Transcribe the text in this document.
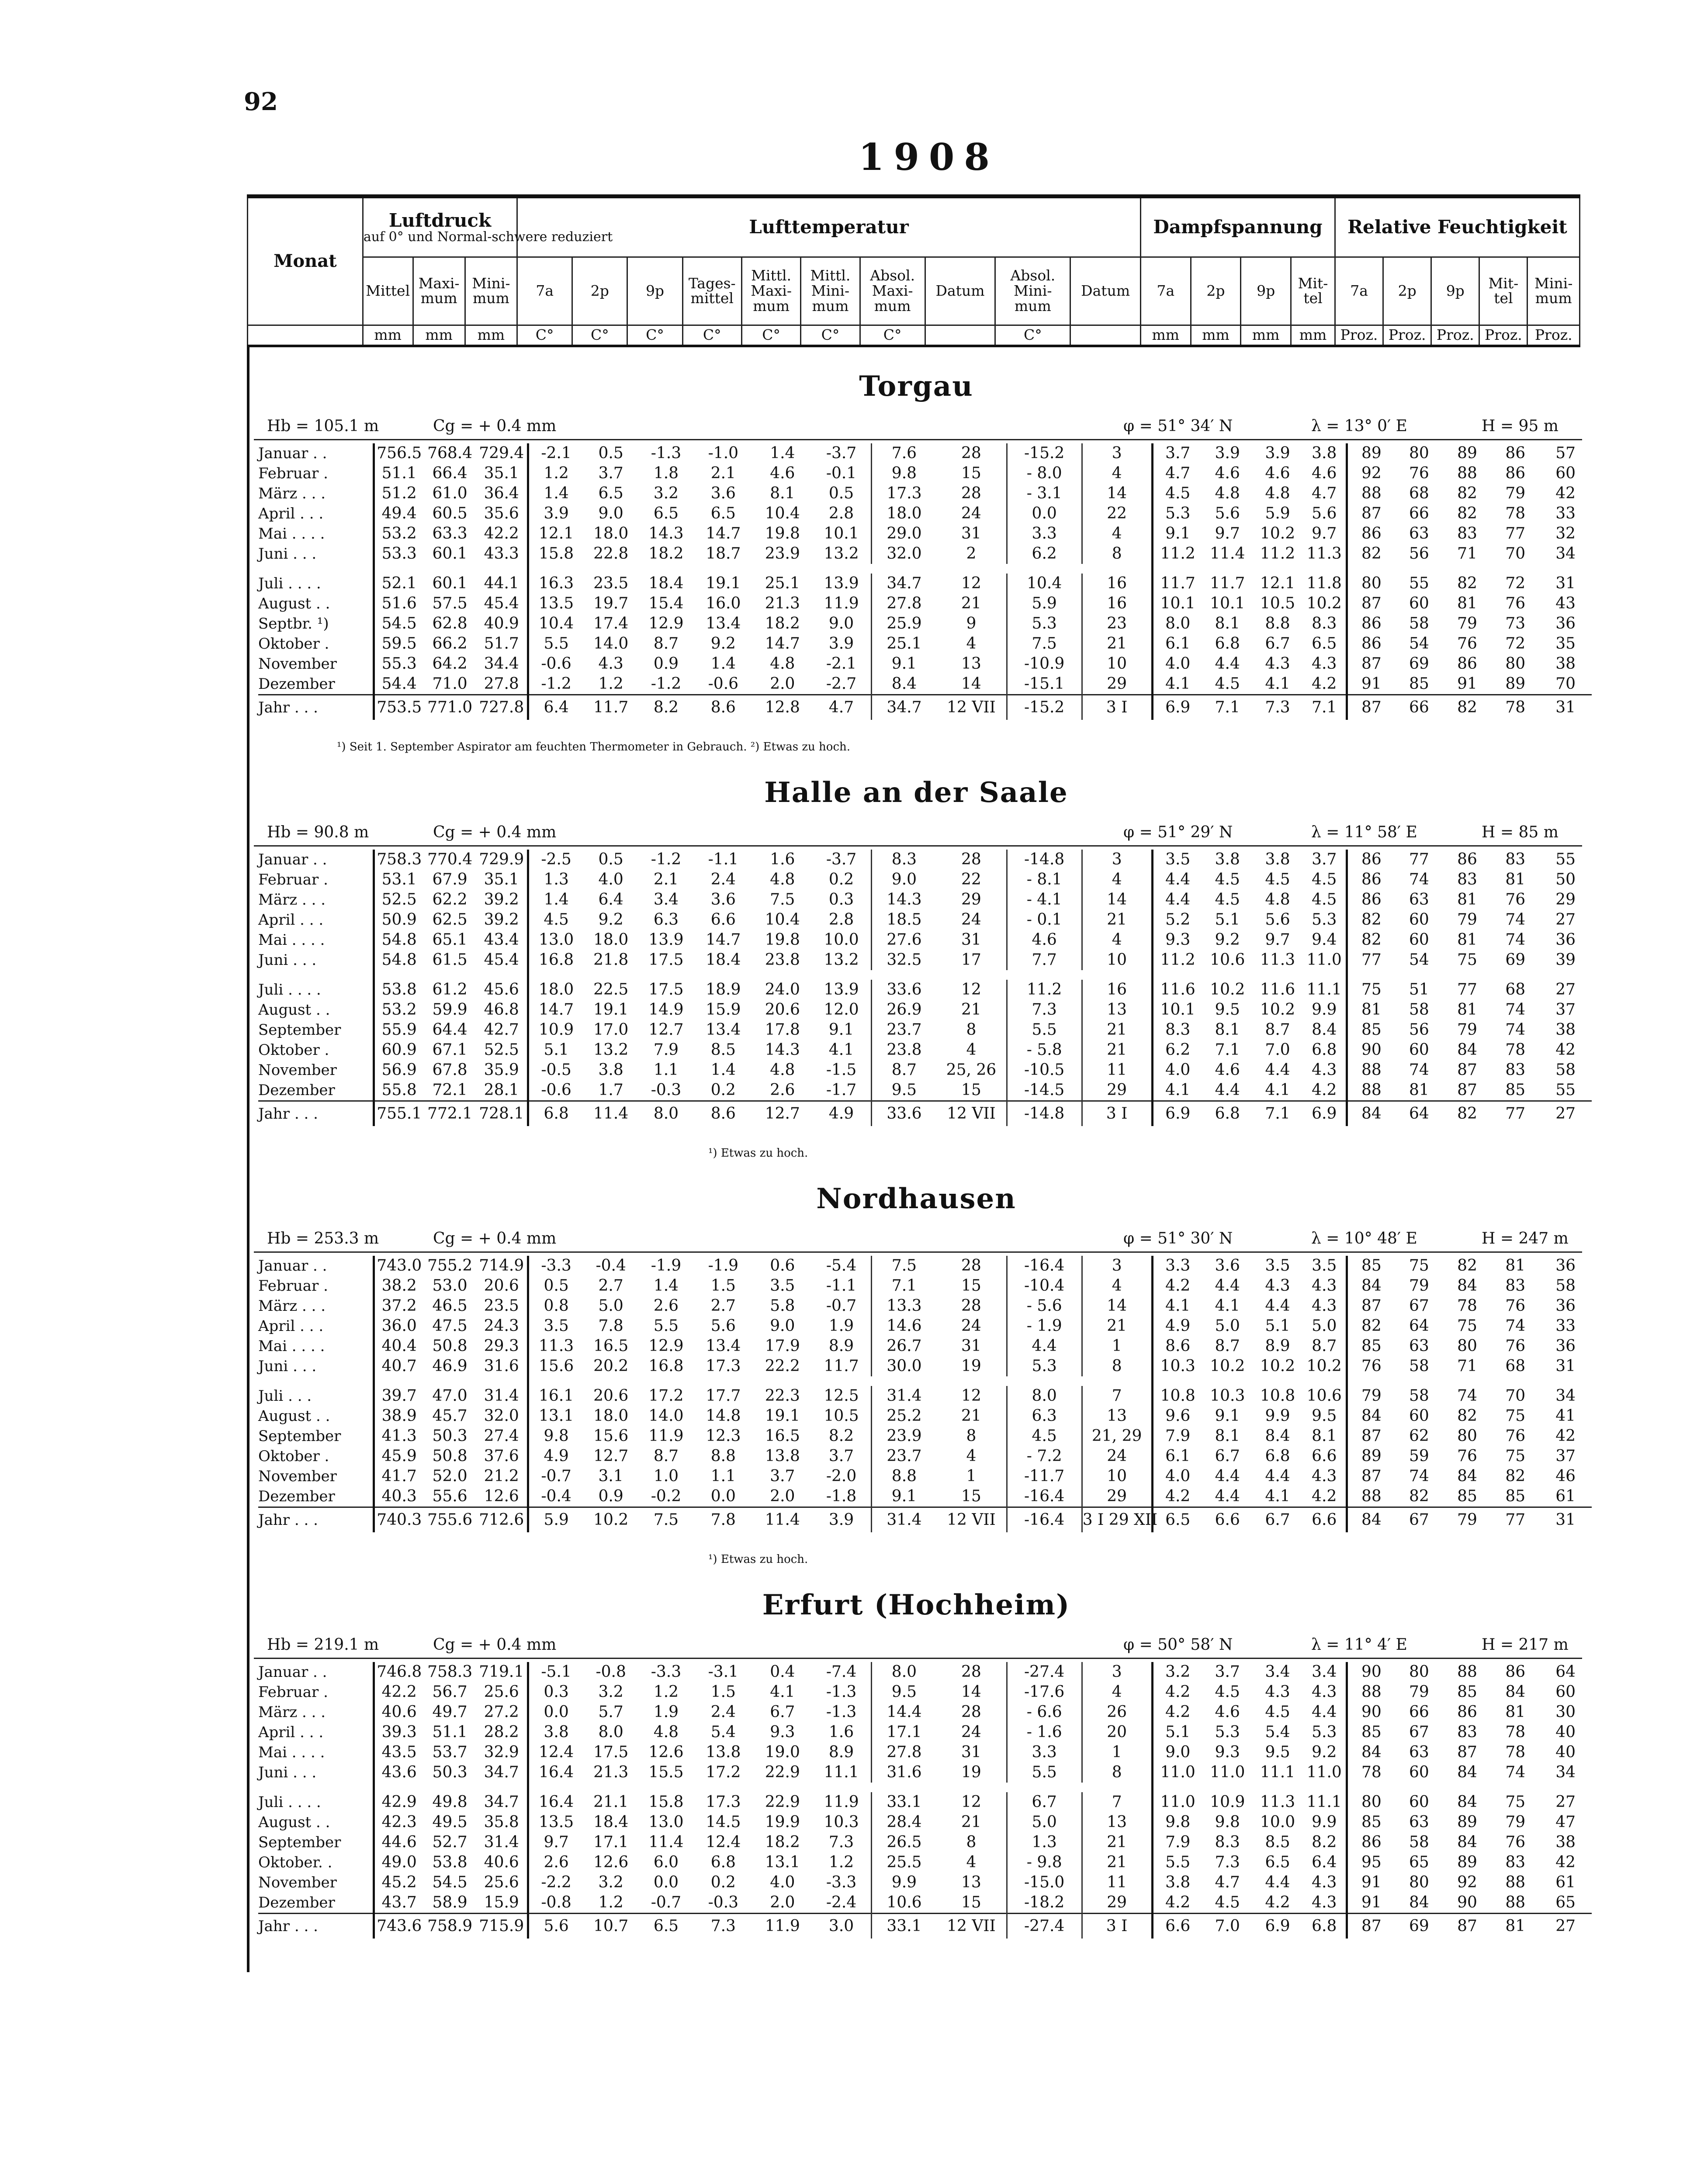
92
1908
Monat	Luftdruck
auf 0° und Normal-schwere reduziert			Lufttemperatur										Dampfspannung				Relative Feuchtigkeit				
	Mittel	Maxi-mum	Mini-mum	7a	2p	9p	Tages-mittel	Mittl. Maxi-mum	Mittl. Mini-mum	Absol. Maxi-mum	Datum	Absol. Mini-mum	Datum	7a	2p	9p	Mit-tel	7a	2p	9p	Mit-tel	Mini-mum
	mm	mm	mm	C°	C°	C°	C°	C°	C°	C°		C°		mm	mm	mm	mm	Proz.	Proz.	Proz.	Proz.	Proz.
Torgau
Hb = 105.1 m	Cg = + 0.4 mm	φ = 51° 34′ N	λ = 13° 0′ E	H = 95 m
Januar . .	756.5	768.4	729.4	-2.1	0.5	-1.3	-1.0	1.4	-3.7	7.6	28	-15.2	3	3.7	3.9	3.9	3.8	89	80	89	86	57
Februar .	51.1	66.4	35.1	1.2	3.7	1.8	2.1	4.6	-0.1	9.8	15	- 8.0	4	4.7	4.6	4.6	4.6	92	76	88	86	60
März . . .	51.2	61.0	36.4	1.4	6.5	3.2	3.6	8.1	0.5	17.3	28	- 3.1	14	4.5	4.8	4.8	4.7	88	68	82	79	42
April . . .	49.4	60.5	35.6	3.9	9.0	6.5	6.5	10.4	2.8	18.0	24	0.0	22	5.3	5.6	5.9	5.6	87	66	82	78	33
Mai . . . .	53.2	63.3	42.2	12.1	18.0	14.3	14.7	19.8	10.1	29.0	31	3.3	4	9.1	9.7	10.2	9.7	86	63	83	77	32
Juni . . .	53.3	60.1	43.3	15.8	22.8	18.2	18.7	23.9	13.2	32.0	2	6.2	8	11.2	11.4	11.2	11.3	82	56	71	70	34

Juli . . . .	52.1	60.1	44.1	16.3	23.5	18.4	19.1	25.1	13.9	34.7	12	10.4	16	11.7	11.7	12.1	11.8	80	55	82	72	31
August . .	51.6	57.5	45.4	13.5	19.7	15.4	16.0	21.3	11.9	27.8	21	5.9	16	10.1	10.1	10.5	10.2	87	60	81	76	43
Septbr. ¹)	54.5	62.8	40.9	10.4	17.4	12.9	13.4	18.2	9.0	25.9	9	5.3	23	8.0	8.1	8.8	8.3	86	58	79	73	36
Oktober .	59.5	66.2	51.7	5.5	14.0	8.7	9.2	14.7	3.9	25.1	4	7.5	21	6.1	6.8	6.7	6.5	86	54	76	72	35
November	55.3	64.2	34.4	-0.6	4.3	0.9	1.4	4.8	-2.1	9.1	13	-10.9	10	4.0	4.4	4.3	4.3	87	69	86	80	38
Dezember	54.4	71.0	27.8	-1.2	1.2	-1.2	-0.6	2.0	-2.7	8.4	14	-15.1	29	4.1	4.5	4.1	4.2	91	85	91	89	70
Jahr . . .	753.5	771.0	727.8	6.4	11.7	8.2	8.6	12.8	4.7	34.7	12 VII	-15.2	3 I	6.9	7.1	7.3	7.1	87	66	82	78	31
¹) Seit 1. September Aspirator am feuchten Thermometer in Gebrauch. ²) Etwas zu hoch.
Halle an der Saale
Hb = 90.8 m	Cg = + 0.4 mm	φ = 51° 29′ N	λ = 11° 58′ E	H = 85 m
Januar . .	758.3	770.4	729.9	-2.5	0.5	-1.2	-1.1	1.6	-3.7	8.3	28	-14.8	3	3.5	3.8	3.8	3.7	86	77	86	83	55
Februar .	53.1	67.9	35.1	1.3	4.0	2.1	2.4	4.8	0.2	9.0	22	- 8.1	4	4.4	4.5	4.5	4.5	86	74	83	81	50
März . . .	52.5	62.2	39.2	1.4	6.4	3.4	3.6	7.5	0.3	14.3	29	- 4.1	14	4.4	4.5	4.8	4.5	86	63	81	76	29
April . . .	50.9	62.5	39.2	4.5	9.2	6.3	6.6	10.4	2.8	18.5	24	- 0.1	21	5.2	5.1	5.6	5.3	82	60	79	74	27
Mai . . . .	54.8	65.1	43.4	13.0	18.0	13.9	14.7	19.8	10.0	27.6	31	4.6	4	9.3	9.2	9.7	9.4	82	60	81	74	36
Juni . . .	54.8	61.5	45.4	16.8	21.8	17.5	18.4	23.8	13.2	32.5	17	7.7	10	11.2	10.6	11.3	11.0	77	54	75	69	39

Juli . . . .	53.8	61.2	45.6	18.0	22.5	17.5	18.9	24.0	13.9	33.6	12	11.2	16	11.6	10.2	11.6	11.1	75	51	77	68	27
August . .	53.2	59.9	46.8	14.7	19.1	14.9	15.9	20.6	12.0	26.9	21	7.3	13	10.1	9.5	10.2	9.9	81	58	81	74	37
September	55.9	64.4	42.7	10.9	17.0	12.7	13.4	17.8	9.1	23.7	8	5.5	21	8.3	8.1	8.7	8.4	85	56	79	74	38
Oktober .	60.9	67.1	52.5	5.1	13.2	7.9	8.5	14.3	4.1	23.8	4	- 5.8	21	6.2	7.1	7.0	6.8	90	60	84	78	42
November	56.9	67.8	35.9	-0.5	3.8	1.1	1.4	4.8	-1.5	8.7	25, 26	-10.5	11	4.0	4.6	4.4	4.3	88	74	87	83	58
Dezember	55.8	72.1	28.1	-0.6	1.7	-0.3	0.2	2.6	-1.7	9.5	15	-14.5	29	4.1	4.4	4.1	4.2	88	81	87	85	55
Jahr . . .	755.1	772.1	728.1	6.8	11.4	8.0	8.6	12.7	4.9	33.6	12 VII	-14.8	3 I	6.9	6.8	7.1	6.9	84	64	82	77	27
¹) Etwas zu hoch.
Nordhausen
Hb = 253.3 m	Cg = + 0.4 mm	φ = 51° 30′ N	λ = 10° 48′ E	H = 247 m
Januar . .	743.0	755.2	714.9	-3.3	-0.4	-1.9	-1.9	0.6	-5.4	7.5	28	-16.4	3	3.3	3.6	3.5	3.5	85	75	82	81	36
Februar .	38.2	53.0	20.6	0.5	2.7	1.4	1.5	3.5	-1.1	7.1	15	-10.4	4	4.2	4.4	4.3	4.3	84	79	84	83	58
März . . .	37.2	46.5	23.5	0.8	5.0	2.6	2.7	5.8	-0.7	13.3	28	- 5.6	14	4.1	4.1	4.4	4.3	87	67	78	76	36
April . . .	36.0	47.5	24.3	3.5	7.8	5.5	5.6	9.0	1.9	14.6	24	- 1.9	21	4.9	5.0	5.1	5.0	82	64	75	74	33
Mai . . . .	40.4	50.8	29.3	11.3	16.5	12.9	13.4	17.9	8.9	26.7	31	4.4	1	8.6	8.7	8.9	8.7	85	63	80	76	36
Juni . . .	40.7	46.9	31.6	15.6	20.2	16.8	17.3	22.2	11.7	30.0	19	5.3	8	10.3	10.2	10.2	10.2	76	58	71	68	31

Juli . . .	39.7	47.0	31.4	16.1	20.6	17.2	17.7	22.3	12.5	31.4	12	8.0	7	10.8	10.3	10.8	10.6	79	58	74	70	34
August . .	38.9	45.7	32.0	13.1	18.0	14.0	14.8	19.1	10.5	25.2	21	6.3	13	9.6	9.1	9.9	9.5	84	60	82	75	41
September	41.3	50.3	27.4	9.8	15.6	11.9	12.3	16.5	8.2	23.9	8	4.5	21, 29	7.9	8.1	8.4	8.1	87	62	80	76	42
Oktober .	45.9	50.8	37.6	4.9	12.7	8.7	8.8	13.8	3.7	23.7	4	- 7.2	24	6.1	6.7	6.8	6.6	89	59	76	75	37
November	41.7	52.0	21.2	-0.7	3.1	1.0	1.1	3.7	-2.0	8.8	1	-11.7	10	4.0	4.4	4.4	4.3	87	74	84	82	46
Dezember	40.3	55.6	12.6	-0.4	0.9	-0.2	0.0	2.0	-1.8	9.1	15	-16.4	29	4.2	4.4	4.1	4.2	88	82	85	85	61
Jahr . . .	740.3	755.6	712.6	5.9	10.2	7.5	7.8	11.4	3.9	31.4	12 VII	-16.4	3 I 29 XII	6.5	6.6	6.7	6.6	84	67	79	77	31
¹) Etwas zu hoch.
Erfurt (Hochheim)
Hb = 219.1 m	Cg = + 0.4 mm	φ = 50° 58′ N	λ = 11° 4′ E	H = 217 m
Januar . .	746.8	758.3	719.1	-5.1	-0.8	-3.3	-3.1	0.4	-7.4	8.0	28	-27.4	3	3.2	3.7	3.4	3.4	90	80	88	86	64
Februar .	42.2	56.7	25.6	0.3	3.2	1.2	1.5	4.1	-1.3	9.5	14	-17.6	4	4.2	4.5	4.3	4.3	88	79	85	84	60
März . . .	40.6	49.7	27.2	0.0	5.7	1.9	2.4	6.7	-1.3	14.4	28	- 6.6	26	4.2	4.6	4.5	4.4	90	66	86	81	30
April . . .	39.3	51.1	28.2	3.8	8.0	4.8	5.4	9.3	1.6	17.1	24	- 1.6	20	5.1	5.3	5.4	5.3	85	67	83	78	40
Mai . . . .	43.5	53.7	32.9	12.4	17.5	12.6	13.8	19.0	8.9	27.8	31	3.3	1	9.0	9.3	9.5	9.2	84	63	87	78	40
Juni . . .	43.6	50.3	34.7	16.4	21.3	15.5	17.2	22.9	11.1	31.6	19	5.5	8	11.0	11.0	11.1	11.0	78	60	84	74	34

Juli . . . .	42.9	49.8	34.7	16.4	21.1	15.8	17.3	22.9	11.9	33.1	12	6.7	7	11.0	10.9	11.3	11.1	80	60	84	75	27
August . .	42.3	49.5	35.8	13.5	18.4	13.0	14.5	19.9	10.3	28.4	21	5.0	13	9.8	9.8	10.0	9.9	85	63	89	79	47
September	44.6	52.7	31.4	9.7	17.1	11.4	12.4	18.2	7.3	26.5	8	1.3	21	7.9	8.3	8.5	8.2	86	58	84	76	38
Oktober. .	49.0	53.8	40.6	2.6	12.6	6.0	6.8	13.1	1.2	25.5	4	- 9.8	21	5.5	7.3	6.5	6.4	95	65	89	83	42
November	45.2	54.5	25.6	-2.2	3.2	0.0	0.2	4.0	-3.3	9.9	13	-15.0	11	3.8	4.7	4.4	4.3	91	80	92	88	61
Dezember	43.7	58.9	15.9	-0.8	1.2	-0.7	-0.3	2.0	-2.4	10.6	15	-18.2	29	4.2	4.5	4.2	4.3	91	84	90	88	65
Jahr . . .	743.6	758.9	715.9	5.6	10.7	6.5	7.3	11.9	3.0	33.1	12 VII	-27.4	3 I	6.6	7.0	6.9	6.8	87	69	87	81	27
